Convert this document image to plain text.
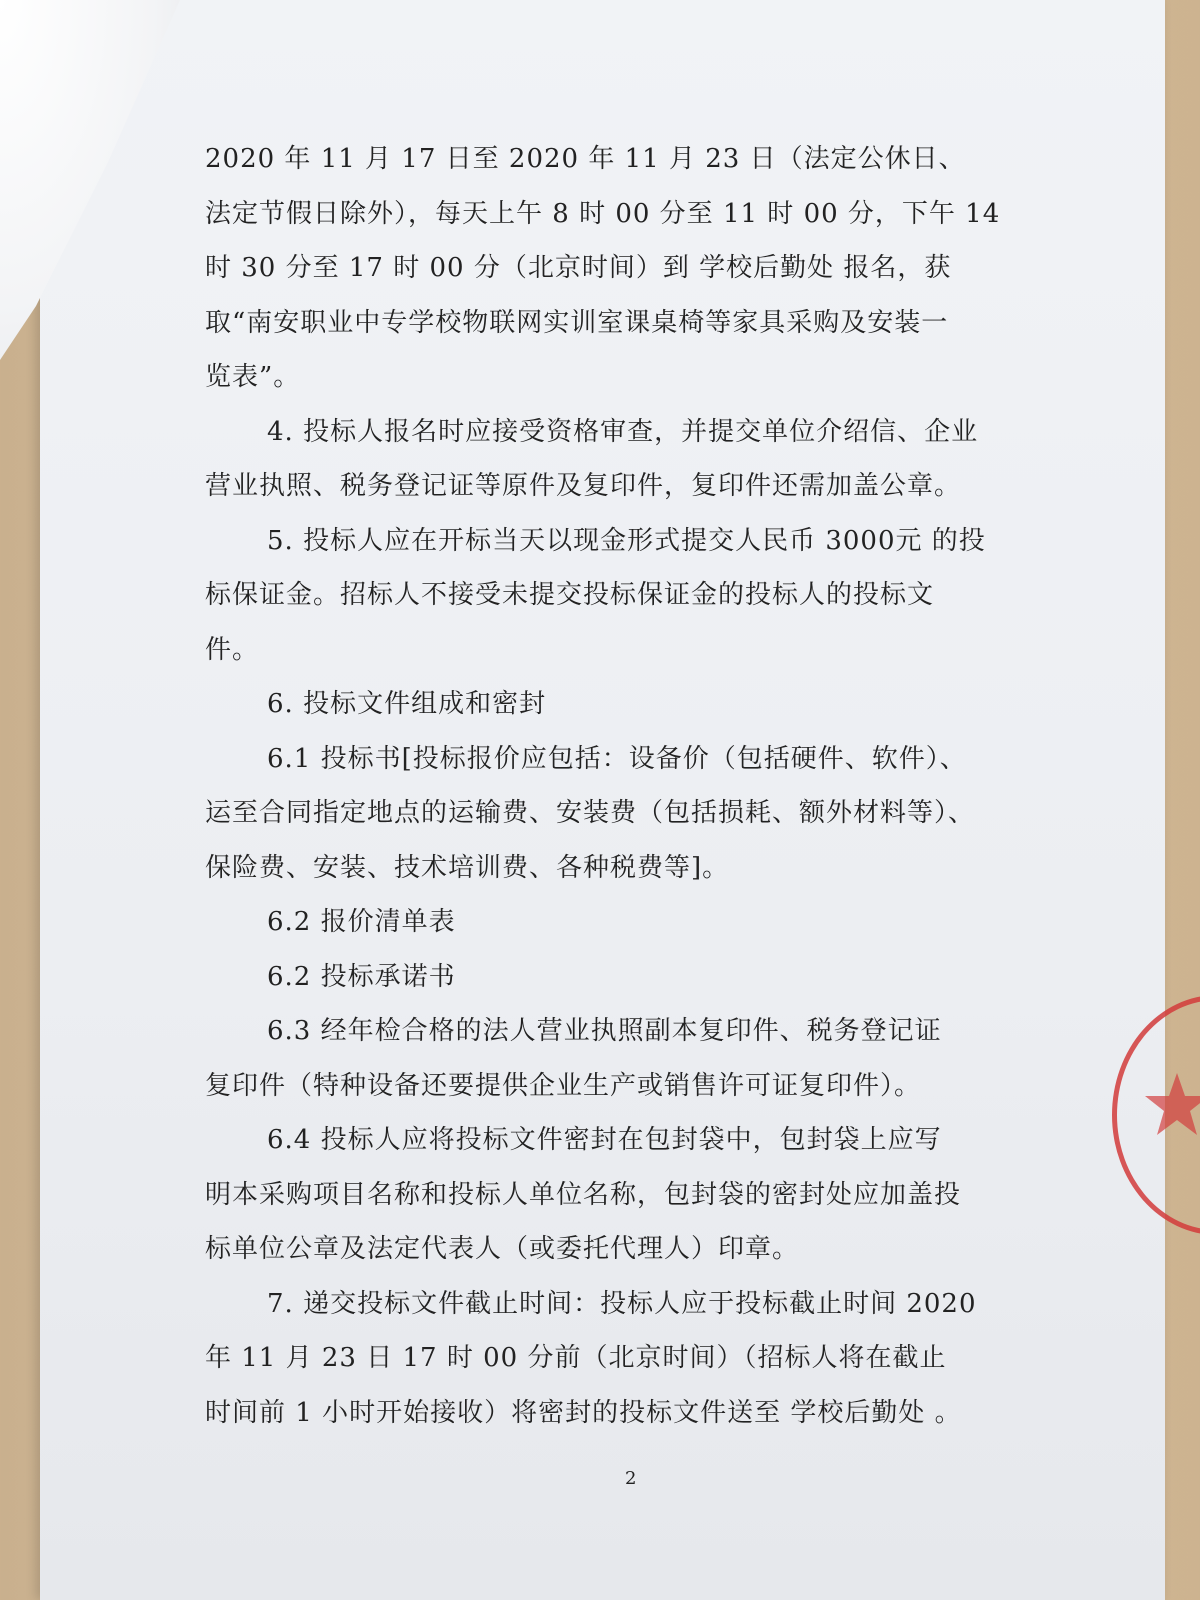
2020 年 11 月 17 日至 2020 年 11 月 23 日（法定公休日、
法定节假日除外），每天上午 8 时 00 分至 11 时 00 分，下午 14
时 30 分至 17 时 00 分（北京时间）到 学校后勤处 报名，获
取“南安职业中专学校物联网实训室课桌椅等家具采购及安装一
览表”。
4. 投标人报名时应接受资格审查，并提交单位介绍信、企业
营业执照、税务登记证等原件及复印件，复印件还需加盖公章。
5. 投标人应在开标当天以现金形式提交人民币 3000元 的投
标保证金。招标人不接受未提交投标保证金的投标人的投标文
件。
6. 投标文件组成和密封
6.1 投标书[投标报价应包括：设备价（包括硬件、软件）、
运至合同指定地点的运输费、安装费（包括损耗、额外材料等）、
保险费、安装、技术培训费、各种税费等]。
6.2 报价清单表
6.2 投标承诺书
6.3 经年检合格的法人营业执照副本复印件、税务登记证
复印件（特种设备还要提供企业生产或销售许可证复印件）。
6.4 投标人应将投标文件密封在包封袋中，包封袋上应写
明本采购项目名称和投标人单位名称，包封袋的密封处应加盖投
标单位公章及法定代表人（或委托代理人）印章。
7. 递交投标文件截止时间：投标人应于投标截止时间 2020
年 11 月 23 日 17 时 00 分前（北京时间）（招标人将在截止
时间前 1 小时开始接收）将密封的投标文件送至 学校后勤处 。
2
